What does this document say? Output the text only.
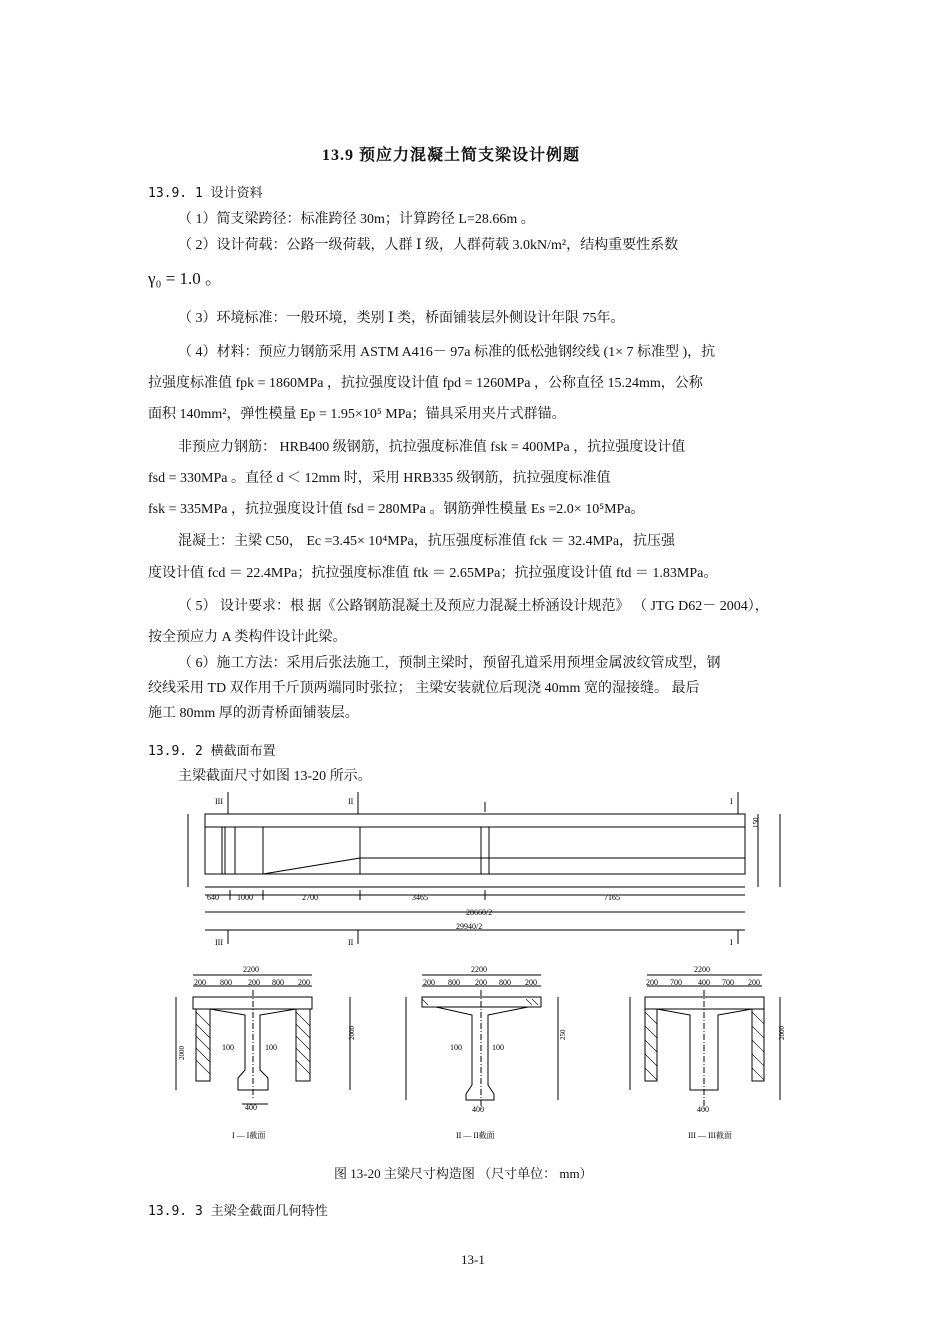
13.9 预应力混凝土简支梁设计例题
13.9. 1 设计资料
（ 1）简支梁跨径：标准跨径 30m；计算跨径 L=28.66m 。
（ 2）设计荷载：公路一级荷载，人群 Ⅰ 级，人群荷载 3.0kN/m²，结构重要性系数
γ₀ = 1.0 。
（ 3）环境标准：一般环境，类别 Ⅰ 类，桥面铺装层外侧设计年限 75年。
（ 4）材料：预应力钢筋采用 ASTM A416－ 97a 标准的低松弛钢绞线 (1× 7 标准型 )，抗
拉强度标准值 fpk = 1860MPa ，抗拉强度设计值 fpd = 1260MPa ，公称直径 15.24mm，公称
面积 140mm²，弹性模量 Ep = 1.95×10⁵ MPa；锚具采用夹片式群锚。
非预应力钢筋： HRB400 级钢筋，抗拉强度标准值 fsk = 400MPa ，抗拉强度设计值
fsd = 330MPa 。直径 d ＜ 12mm 时，采用 HRB335 级钢筋，抗拉强度标准值
fsk = 335MPa ，抗拉强度设计值 fsd = 280MPa 。钢筋弹性模量 Es =2.0× 10⁵MPa。
混凝土：主梁 C50， Ec =3.45× 10⁴MPa，抗压强度标准值 fck ＝ 32.4MPa，抗压强
度设计值 fcd ＝ 22.4MPa；抗拉强度标准值 ftk ＝ 2.65MPa；抗拉强度设计值 ftd ＝ 1.83MPa。
（ 5） 设计要求：根 据《公路钢筋混凝土及预应力混凝土桥涵设计规范》 （ JTG D62－ 2004），
按全预应力 A 类构件设计此梁。
（ 6）施工方法：采用后张法施工，预制主梁时，预留孔道采用预埋金属波纹管成型，钢
绞线采用 TD 双作用千斤顶两端同时张拉； 主梁安装就位后现浇 40mm 宽的湿接缝。 最后
施工 80mm 厚的沥青桥面铺装层。
13.9. 2 横截面布置
主梁截面尺寸如图 13-20 所示。
III	II	I
640 1000	2700	3465	7165
28660/2
29940/2
III	II	I
2200
200 800 200 800 200
100	100
400
I — I截面
2200
200 800 200 800 200
100	100
400
II — II截面
2200
200 700 400 700 200
400
III — III截面
150
2000
250
2000
2000
图 13-20 主梁尺寸构造图 （尺寸单位： mm）
13.9. 3 主梁全截面几何特性
13-1
